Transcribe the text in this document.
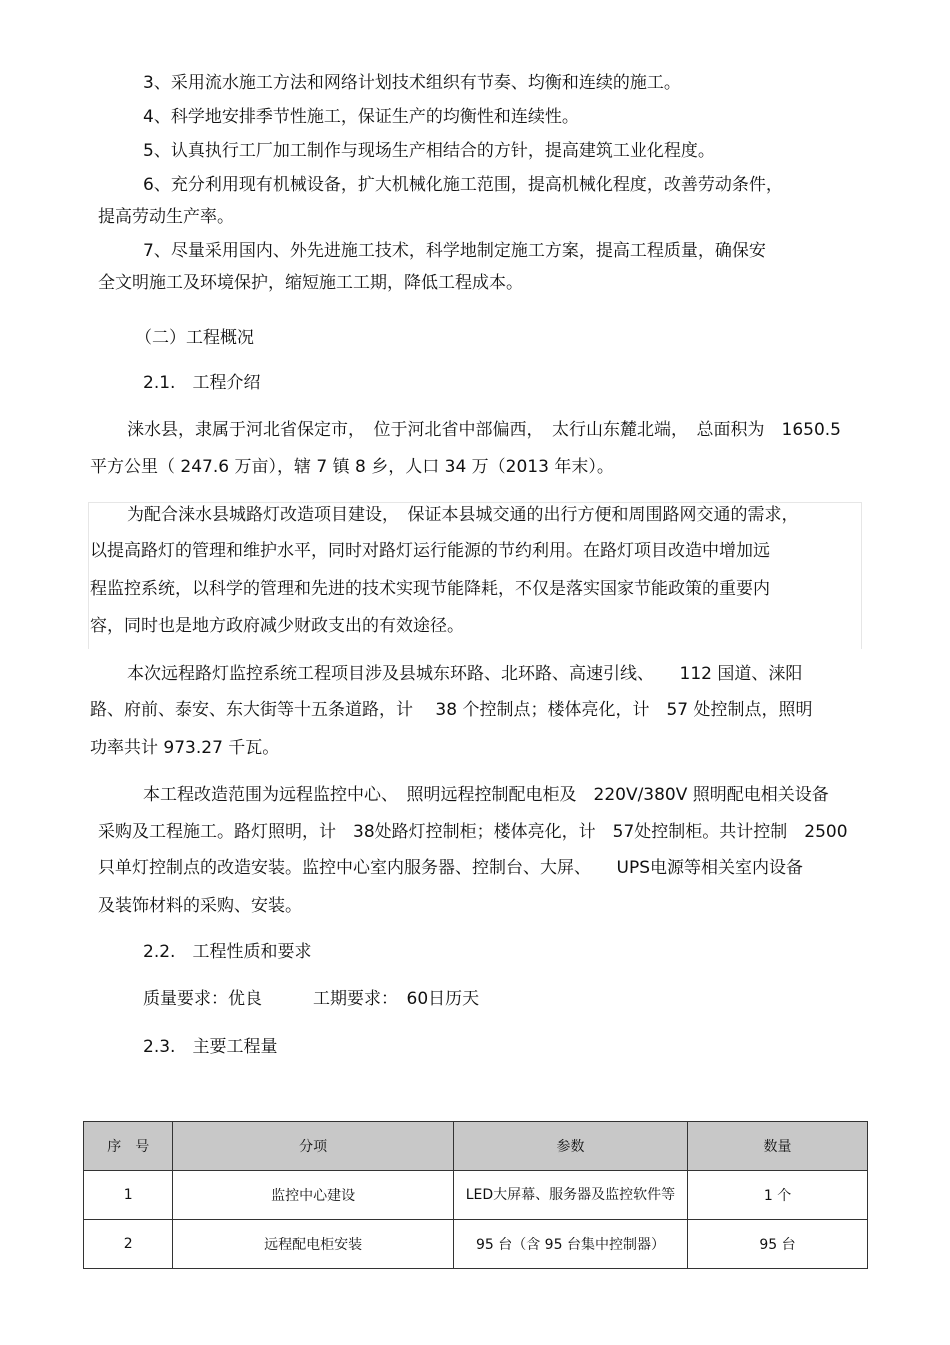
3、采用流水施工方法和网络计划技术组织有节奏、均衡和连续的施工。
4、科学地安排季节性施工，保证生产的均衡性和连续性。
5、认真执行工厂加工制作与现场生产相结合的方针，提高建筑工业化程度。
6、充分利用现有机械设备，扩大机械化施工范围，提高机械化程度，改善劳动条件，
提高劳动生产率。
7、尽量采用国内、外先进施工技术，科学地制定施工方案，提高工程质量，确保安
全文明施工及环境保护，缩短施工工期，降低工程成本。
（二）工程概况
2.1.　工程介绍
涞水县，隶属于河北省保定市，　位于河北省中部偏西，　太行山东麓北端，　总面积为　1650.5
平方公里（ 247.6 万亩），辖 7 镇 8 乡，人口 34 万（2013 年末）。
为配合涞水县城路灯改造项目建设，　保证本县城交通的出行方便和周围路网交通的需求，
以提高路灯的管理和维护水平，同时对路灯运行能源的节约利用。在路灯项目改造中增加远
程监控系统，以科学的管理和先进的技术实现节能降耗，不仅是落实国家节能政策的重要内
容，同时也是地方政府减少财政支出的有效途径。
本次远程路灯监控系统工程项目涉及县城东环路、北环路、高速引线、　　112 国道、涞阳
路、府前、泰安、东大街等十五条道路，计　 38 个控制点；楼体亮化，计　57 处控制点，照明
功率共计 973.27 千瓦。
本工程改造范围为远程监控中心、　照明远程控制配电柜及　220V/380V 照明配电相关设备
采购及工程施工。路灯照明，计　38处路灯控制柜；楼体亮化，计　57处控制柜。共计控制　2500
只单灯控制点的改造安装。监控中心室内服务器、控制台、大屏、　　UPS电源等相关室内设备
及装饰材料的采购、安装。
2.2.　工程性质和要求
质量要求：优良　　　工期要求：　60日历天
2.3.　主要工程量
序　号	分项	参数	数量
1	监控中心建设	LED大屏幕、服务器及监控软件等	1 个
2	远程配电柜安装	95 台（含 95 台集中控制器）	95 台
